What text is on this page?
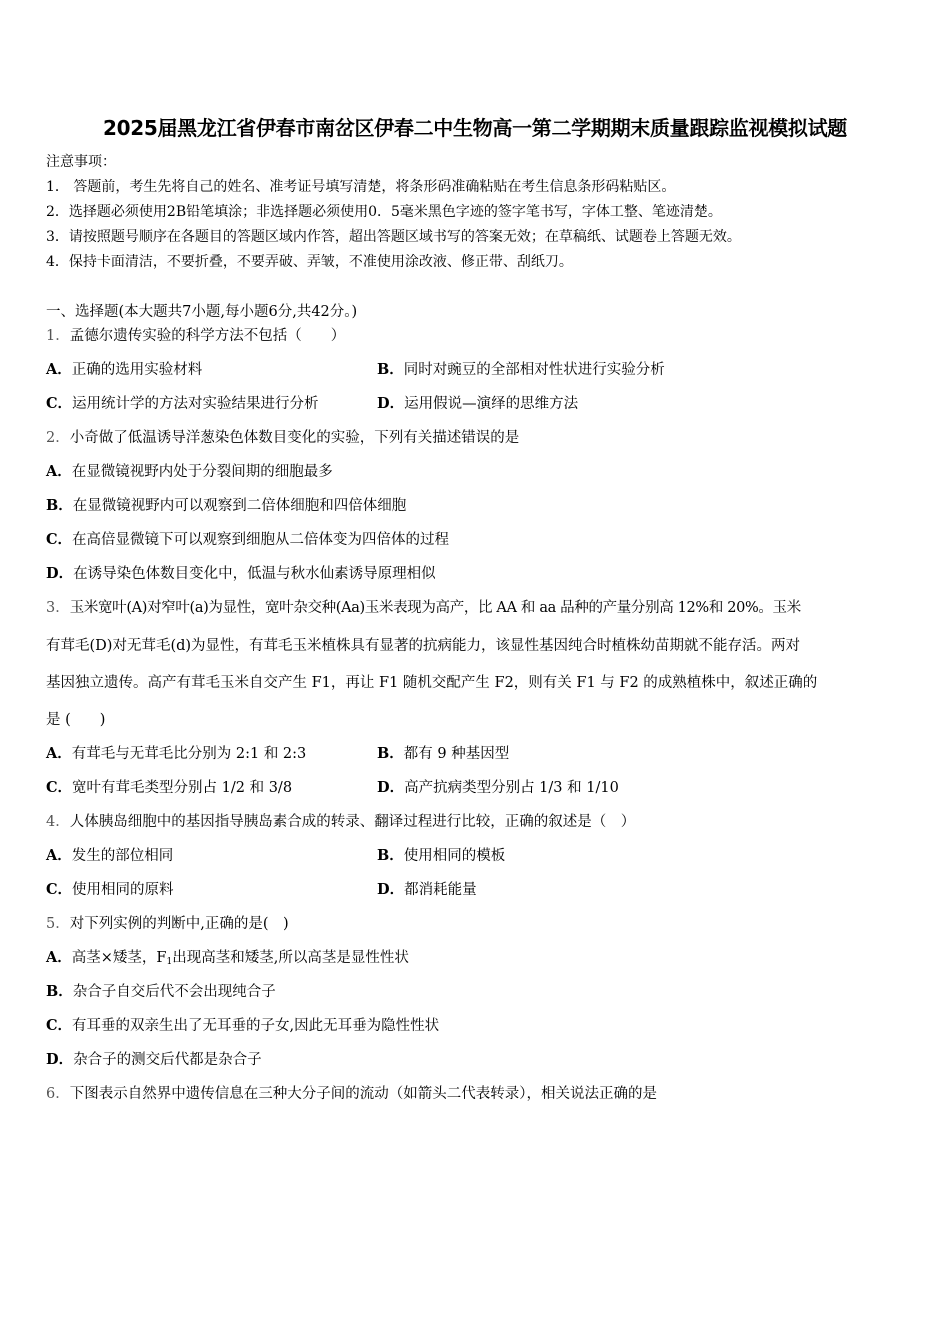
2025届黑龙江省伊春市南岔区伊春二中生物高一第二学期期末质量跟踪监视模拟试题
注意事项：
1． 答题前，考生先将自己的姓名、准考证号填写清楚，将条形码准确粘贴在考生信息条形码粘贴区。
2．选择题必须使用2B铅笔填涂；非选择题必须使用0．5毫米黑色字迹的签字笔书写，字体工整、笔迹清楚。
3．请按照题号顺序在各题目的答题区域内作答，超出答题区域书写的答案无效；在草稿纸、试题卷上答题无效。
4．保持卡面清洁，不要折叠，不要弄破、弄皱，不准使用涂改液、修正带、刮纸刀。
一、选择题(本大题共7小题,每小题6分,共42分。)
1．孟德尔遗传实验的科学方法不包括（　　）
A．正确的选用实验材料	B．同时对豌豆的全部相对性状进行实验分析
C．运用统计学的方法对实验结果进行分析	D．运用假说—演绎的思维方法
2．小奇做了低温诱导洋葱染色体数目变化的实验，下列有关描述错误的是
A．在显微镜视野内处于分裂间期的细胞最多
B．在显微镜视野内可以观察到二倍体细胞和四倍体细胞
C．在高倍显微镜下可以观察到细胞从二倍体变为四倍体的过程
D．在诱导染色体数目变化中，低温与秋水仙素诱导原理相似
3．玉米宽叶(A)对窄叶(a)为显性，宽叶杂交种(Aa)玉米表现为高产，比 AA 和 aa 品种的产量分别高 12%和 20%。玉米
有茸毛(D)对无茸毛(d)为显性，有茸毛玉米植株具有显著的抗病能力，该显性基因纯合时植株幼苗期就不能存活。两对
基因独立遗传。高产有茸毛玉米自交产生 F1，再让 F1 随机交配产生 F2，则有关 F1 与 F2 的成熟植株中，叙述正确的
是 (　　)
A．有茸毛与无茸毛比分别为 2:1 和 2:3	B．都有 9 种基因型
C．宽叶有茸毛类型分别占 1/2 和 3/8	D．高产抗病类型分别占 1/3 和 1/10
4．人体胰岛细胞中的基因指导胰岛素合成的转录、翻译过程进行比较，正确的叙述是（　）
A．发生的部位相同	B．使用相同的模板
C．使用相同的原料	D．都消耗能量
5．对下列实例的判断中,正确的是(　)
A．高茎×矮茎，$F_1$出现高茎和矮茎,所以高茎是显性性状
B．杂合子自交后代不会出现纯合子
C．有耳垂的双亲生出了无耳垂的子女,因此无耳垂为隐性性状
D．杂合子的测交后代都是杂合子
6．下图表示自然界中遗传信息在三种大分子间的流动（如箭头二代表转录），相关说法正确的是
